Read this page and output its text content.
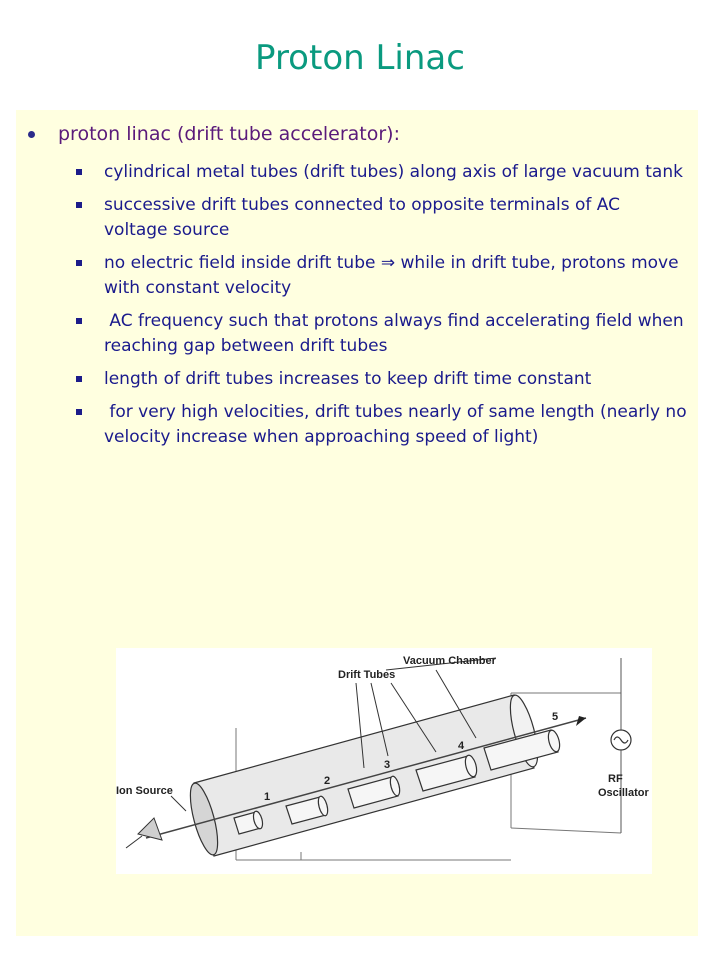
Proton Linac
proton linac (drift tube accelerator):
cylindrical metal tubes (drift tubes) along axis of large vacuum tank
successive drift tubes connected to opposite terminals of AC voltage source
no electric field inside drift tube ⇒ while in drift tube, protons move with constant velocity
AC frequency such that protons always find accelerating field when reaching gap between drift tubes
length of drift tubes increases to keep drift time constant
for very high velocities, drift tubes nearly of same length (nearly no velocity increase when approaching speed of light)
Vacuum Chamber
Drift Tubes
Ion Source
RF
Oscillator
1
2
3
4
5
